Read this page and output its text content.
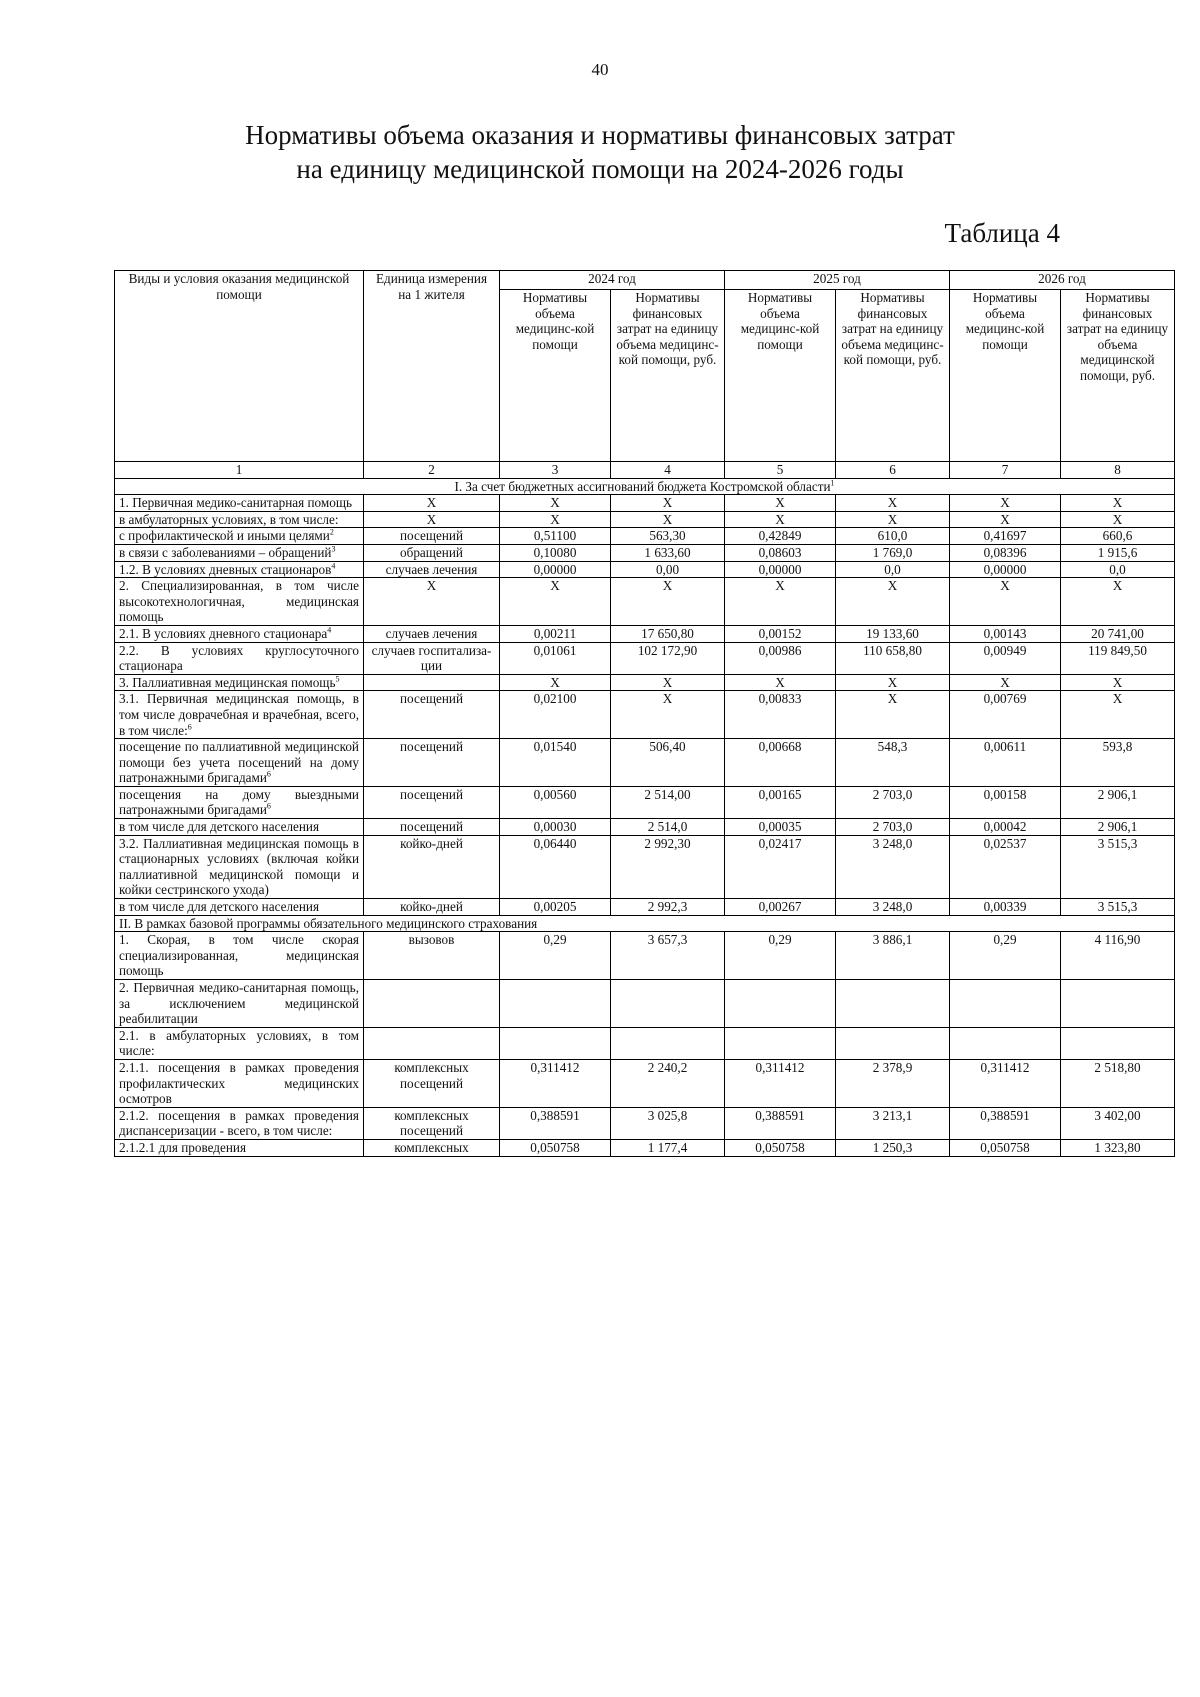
40
Нормативы объема оказания и нормативы финансовых затрат
на единицу медицинской помощи на 2024-2026 годы
Таблица 4
Виды и условия оказания медицинской помощи	Единица измерения на 1 жителя	2024 год		2025 год		2026 год	
		Нормативы объема медицинс-кой помощи	Нормативы финансовых затрат на единицу объема медицинс-кой помощи, руб.	Нормативы объема медицинс-кой помощи	Нормативы финансовых затрат на единицу объема медицинс-кой помощи, руб.	Нормативы объема медицинс-кой помощи	Нормативы финансовых затрат на единицу объема медицинской помощи, руб.
1	2	3	4	5	6	7	8
I. За счет бюджетных ассигнований бюджета Костромской области$^1$
1. Первичная медико-санитарная помощь	X	X	X	X	X	X	X
в амбулаторных условиях, в том числе:	X	X	X	X	X	X	X
с профилактической и иными целями$^2$	посещений	0,51100	563,30	0,42849	610,0	0,41697	660,6
в связи с заболеваниями – обращений$^3$	обращений	0,10080	1 633,60	0,08603	1 769,0	0,08396	1 915,6
1.2. В условиях дневных стационаров$^4$	случаев лечения	0,00000	0,00	0,00000	0,0	0,00000	0,0
2. Специализированная, в том числе высокотехнологичная, медицинская помощь	X	X	X	X	X	X	X
2.1. В условиях дневного стационара$^4$	случаев лечения	0,00211	17 650,80	0,00152	19 133,60	0,00143	20 741,00
2.2. В условиях круглосуточного стационара	случаев госпитализа-ции	0,01061	102 172,90	0,00986	110 658,80	0,00949	119 849,50
3. Паллиативная медицинская помощь$^5$		X	X	X	X	X	X
3.1. Первичная медицинская помощь, в том числе доврачебная и врачебная, всего, в том числе:$^6$	посещений	0,02100	X	0,00833	X	0,00769	X
посещение по паллиативной медицинской помощи без учета посещений на дому патронажными бригадами$^6$	посещений	0,01540	506,40	0,00668	548,3	0,00611	593,8
посещения на дому выездными патронажными бригадами$^6$	посещений	0,00560	2 514,00	0,00165	2 703,0	0,00158	2 906,1
в том числе для детского населения	посещений	0,00030	2 514,0	0,00035	2 703,0	0,00042	2 906,1
3.2. Паллиативная медицинская помощь в стационарных условиях (включая койки паллиативной медицинской помощи и койки сестринского ухода)	койко-дней	0,06440	2 992,30	0,02417	3 248,0	0,02537	3 515,3
в том числе для детского населения	койко-дней	0,00205	2 992,3	0,00267	3 248,0	0,00339	3 515,3
II. В рамках базовой программы обязательного медицинского страхования							
1. Скорая, в том числе скорая специализированная, медицинская помощь	вызовов	0,29	3 657,3	0,29	3 886,1	0,29	4 116,90
2. Первичная медико-санитарная помощь, за исключением медицинской реабилитации							
2.1. в амбулаторных условиях, в том числе:							
2.1.1. посещения в рамках проведения профилактических медицинских осмотров	комплексных посещений	0,311412	2 240,2	0,311412	2 378,9	0,311412	2 518,80
2.1.2. посещения в рамках проведения диспансеризации - всего, в том числе:	комплексных посещений	0,388591	3 025,8	0,388591	3 213,1	0,388591	3 402,00
2.1.2.1 для проведения	комплексных	0,050758	1 177,4	0,050758	1 250,3	0,050758	1 323,80
